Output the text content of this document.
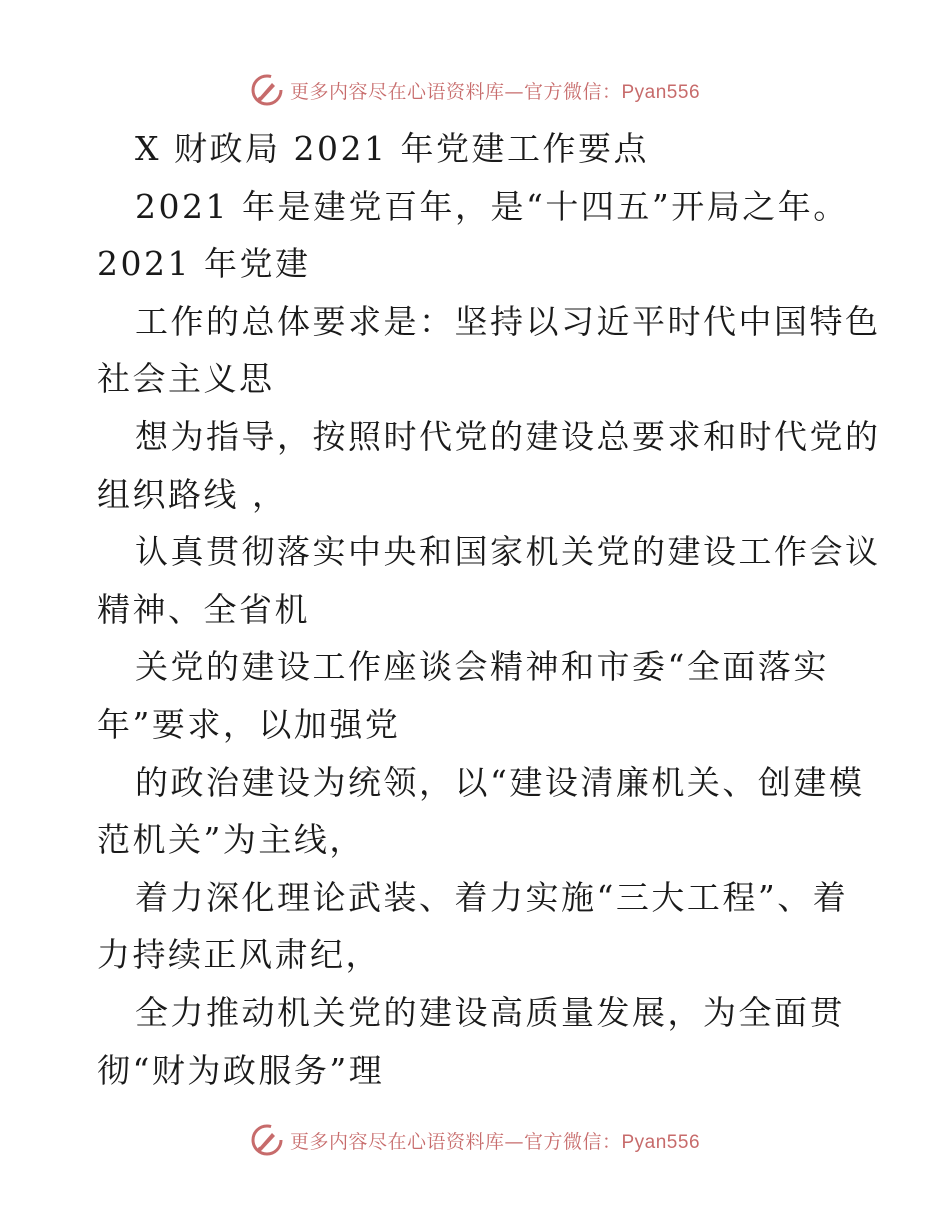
更多内容尽在心语资料库—官方微信：Pyan556
X 财政局 2021 年党建工作要点
2021 年是建党百年，是“十四五”开局之年。
2021 年党建
工作的总体要求是：坚持以习近平时代中国特色
社会主义思
想为指导，按照时代党的建设总要求和时代党的
组织路线 ，
认真贯彻落实中央和国家机关党的建设工作会议
精神、全省机
关党的建设工作座谈会精神和市委“全面落实
年”要求，以加强党
的政治建设为统领，以“建设清廉机关、创建模
范机关”为主线，
着力深化理论武装、着力实施“三大工程”、着
力持续正风肃纪，
全力推动机关党的建设高质量发展，为全面贯
彻“财为政服务”理
更多内容尽在心语资料库—官方微信：Pyan556
